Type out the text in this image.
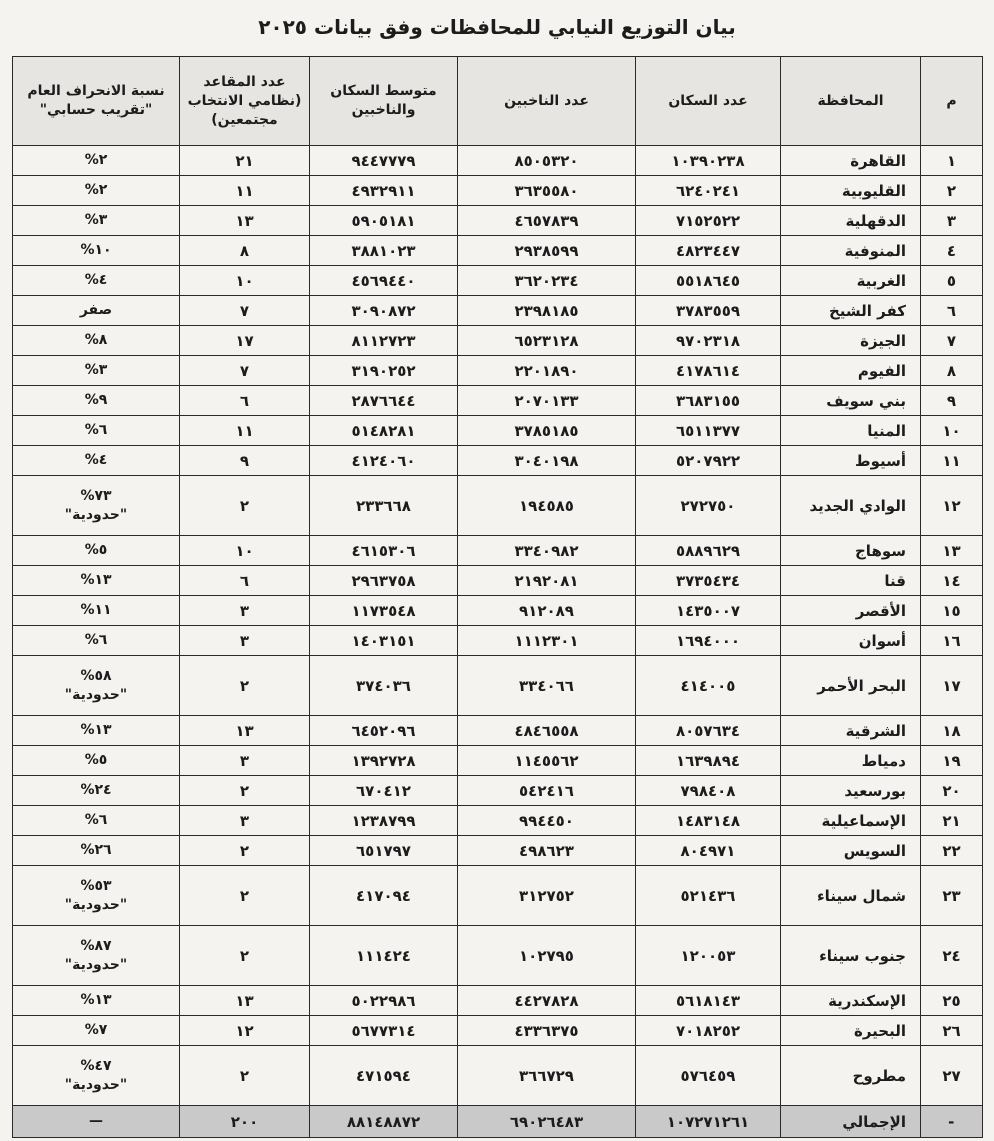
بيان التوزيع النيابي للمحافظات وفق بيانات ٢٠٢٥
م	المحافظة	عدد السكان	عدد الناخبين	متوسط السكان والناخبين	عدد المقاعد (نظامي الانتخاب مجتمعين)	نسبة الانحراف العام "تقريب حسابي"
١	القاهرة	١٠٣٩٠٢٣٨	٨٥٠٥٣٢٠	٩٤٤٧٧٧٩	٢١	٢%
٢	القليوبية	٦٢٤٠٢٤١	٣٦٣٥٥٨٠	٤٩٣٢٩١١	١١	٢%
٣	الدقهلية	٧١٥٢٥٢٢	٤٦٥٧٨٣٩	٥٩٠٥١٨١	١٣	٣%
٤	المنوفية	٤٨٢٣٤٤٧	٢٩٣٨٥٩٩	٣٨٨١٠٢٣	٨	١٠%
٥	الغربية	٥٥١٨٦٤٥	٣٦٢٠٢٣٤	٤٥٦٩٤٤٠	١٠	٤%
٦	كفر الشيخ	٣٧٨٣٥٥٩	٢٣٩٨١٨٥	٣٠٩٠٨٧٢	٧	صفر
٧	الجيزة	٩٧٠٢٣١٨	٦٥٢٣١٢٨	٨١١٢٧٢٣	١٧	٨%
٨	الفيوم	٤١٧٨٦١٤	٢٢٠١٨٩٠	٣١٩٠٢٥٢	٧	٣%
٩	بني سويف	٣٦٨٣١٥٥	٢٠٧٠١٣٣	٢٨٧٦٦٤٤	٦	٩%
١٠	المنيا	٦٥١١٣٧٧	٣٧٨٥١٨٥	٥١٤٨٢٨١	١١	٦%
١١	أسيوط	٥٢٠٧٩٢٢	٣٠٤٠١٩٨	٤١٢٤٠٦٠	٩	٤%
١٢	الوادي الجديد	٢٧٢٧٥٠	١٩٤٥٨٥	٢٣٣٦٦٨	٢	٧٣%
"حدودية"

١٣	سوهاج	٥٨٨٩٦٢٩	٣٣٤٠٩٨٢	٤٦١٥٣٠٦	١٠	٥%
١٤	قنا	٣٧٣٥٤٣٤	٢١٩٢٠٨١	٢٩٦٣٧٥٨	٦	١٣%
١٥	الأقصر	١٤٣٥٠٠٧	٩١٢٠٨٩	١١٧٣٥٤٨	٣	١١%
١٦	أسوان	١٦٩٤٠٠٠	١١١٢٣٠١	١٤٠٣١٥١	٣	٦%
١٧	البحر الأحمر	٤١٤٠٠٥	٣٣٤٠٦٦	٣٧٤٠٣٦	٢	٥٨%
"حدودية"

١٨	الشرقية	٨٠٥٧٦٣٤	٤٨٤٦٥٥٨	٦٤٥٢٠٩٦	١٣	١٣%
١٩	دمياط	١٦٣٩٨٩٤	١١٤٥٥٦٢	١٣٩٢٧٢٨	٣	٥%
٢٠	بورسعيد	٧٩٨٤٠٨	٥٤٢٤١٦	٦٧٠٤١٢	٢	٢٤%
٢١	الإسماعيلية	١٤٨٣١٤٨	٩٩٤٤٥٠	١٢٣٨٧٩٩	٣	٦%
٢٢	السويس	٨٠٤٩٧١	٤٩٨٦٢٣	٦٥١٧٩٧	٢	٢٦%
٢٣	شمال سيناء	٥٢١٤٣٦	٣١٢٧٥٢	٤١٧٠٩٤	٢	٥٣%
"حدودية"

٢٤	جنوب سيناء	١٢٠٠٥٣	١٠٢٧٩٥	١١١٤٢٤	٢	٨٧%
"حدودية"

٢٥	الإسكندرية	٥٦١٨١٤٣	٤٤٢٧٨٢٨	٥٠٢٢٩٨٦	١٣	١٣%
٢٦	البحيرة	٧٠١٨٢٥٢	٤٣٣٦٣٧٥	٥٦٧٧٣١٤	١٢	٧%
٢٧	مطروح	٥٧٦٤٥٩	٣٦٦٧٢٩	٤٧١٥٩٤	٢	٤٧%
"حدودية"

-	الإجمالي	١٠٧٢٧١٢٦١	٦٩٠٢٦٤٨٣	٨٨١٤٨٨٧٢	٢٠٠	—
